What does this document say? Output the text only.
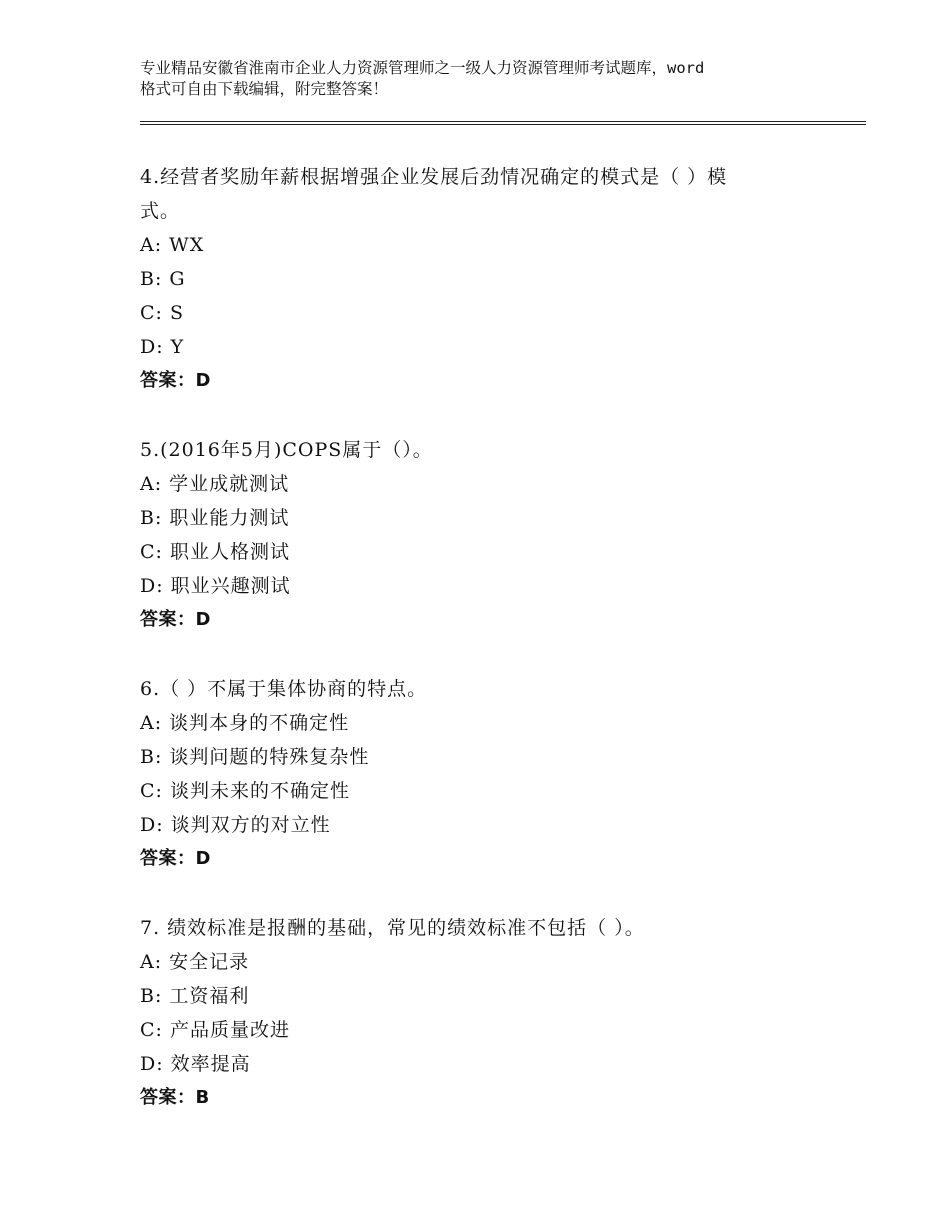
专业精品安徽省淮南市企业人力资源管理师之一级人力资源管理师考试题库，word
格式可自由下载编辑，附完整答案！
4.经营者奖励年薪根据增强企业发展后劲情况确定的模式是（ ）模
式。
A: WX
B: G
C: S
D: Y
答案：D
5.(2016年5月)COPS属于（）。
A: 学业成就测试
B: 职业能力测试
C: 职业人格测试
D: 职业兴趣测试
答案：D
6.（ ）不属于集体协商的特点。
A: 谈判本身的不确定性
B: 谈判问题的特殊复杂性
C: 谈判未来的不确定性
D: 谈判双方的对立性
答案：D
7. 绩效标准是报酬的基础，常见的绩效标准不包括（ ）。
A: 安全记录
B: 工资福利
C: 产品质量改进
D: 效率提高
答案：B
